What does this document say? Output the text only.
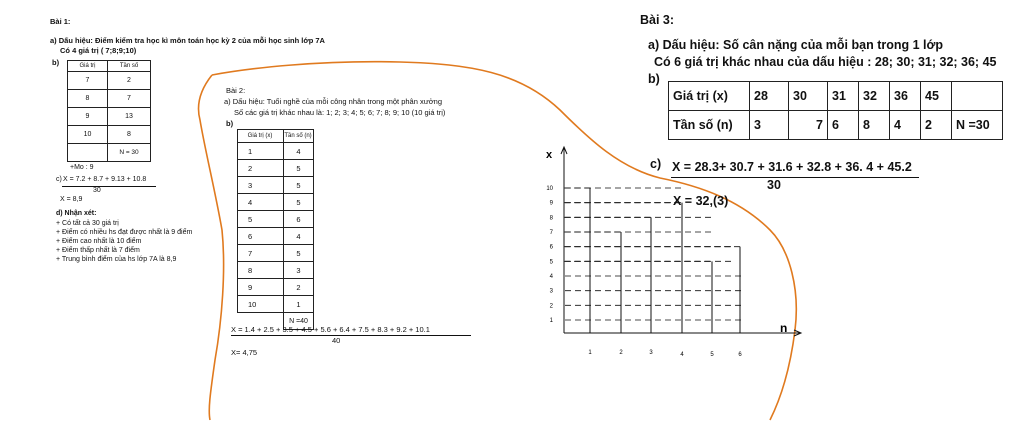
Bài 1:
a) Dấu hiệu: Điểm kiểm tra học kì môn toán học kỳ 2 của mỗi học sinh lớp 7A
Có 4 giá trị ( 7;8;9;10)
b)	Giá trị	Tần số
7	2
8	7
9	13
10	8
	N = 30
+Mo : 9
c) X = 7.2 + 8.7 + 9.13 + 10.8
30
X = 8,9
d) Nhận xét:
+ Có tất cả 30 giá trị
+ Điểm có nhiều hs đạt được nhất là 9 điểm
+ Điểm cao nhất là 10 điểm
+ Điểm thấp nhất là 7 điểm
+ Trung bình điểm của hs lớp 7A là 8,9
Bài 2:
a) Dấu hiệu: Tuổi nghề của mỗi công nhân trong một phân xưởng
Số các giá trị khác nhau là: 1; 2; 3; 4; 5; 6; 7; 8; 9; 10 (10 giá trị)
b)
Giá trị (x)	Tần số (n)
1	4
2	5
3	5
4	5
5	6
6	4
7	5
8	3
9	2
10	1
	N =40
X = 1.4 + 2.5 + 3.5 + 4.5 + 5.6 + 6.4 + 7.5 + 8.3 + 9.2 + 10.1
40
X= 4,75
Bài 3:
a) Dấu hiệu: Số cân nặng của mỗi bạn trong 1 lớp
Có 6 giá trị khác nhau của dấu hiệu : 28; 30; 31; 32; 36; 45
b)
Giá trị (x)	28	30	31	32	36	45	
Tần số (n)	3	7	6	8	4	2	N =30
c) X = 28.3+ 30.7 + 31.6 + 32.8 + 36. 4 + 45.2
30
X = 32,(3)
x
n
1
2
3
4
5
6
7
8
9
10
1	2	3	4	5	6
